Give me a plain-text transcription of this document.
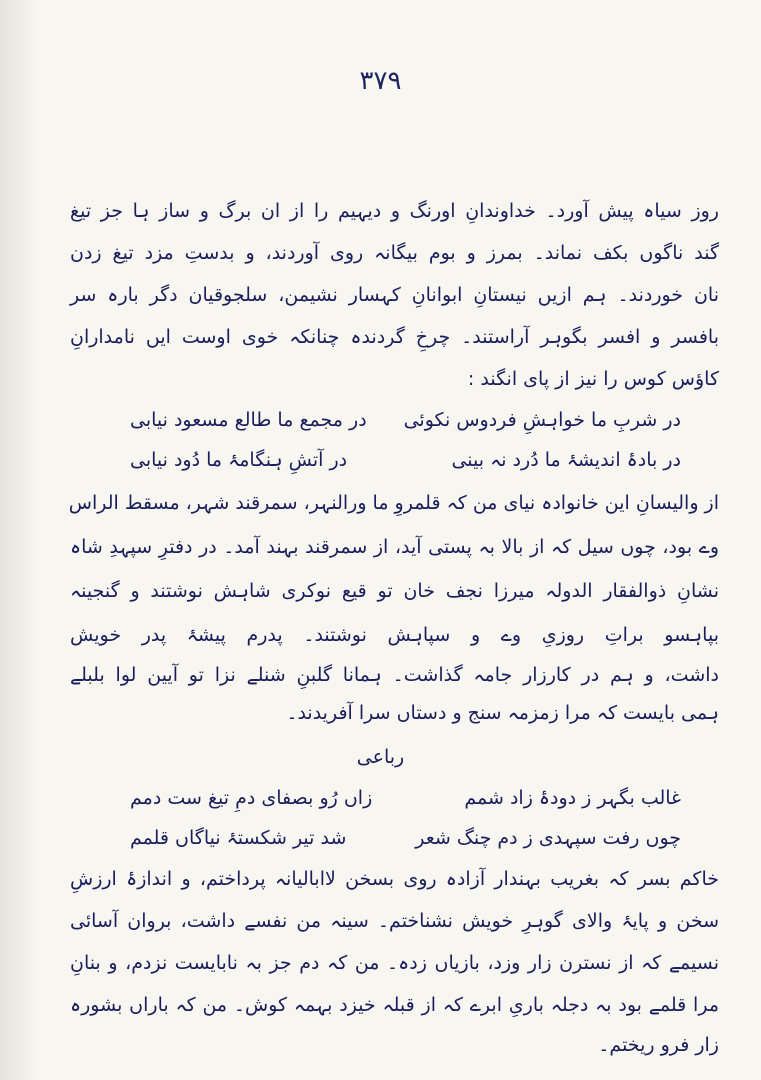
۳۷۹
روز سیاہ پیش آورد۔ خداوندانِ اورنگ و دیہیم را از ان برگ و ساز ہا جز تیغ
گند ناگوں بکف نماند۔ بمرز و بوم بیگانہ روی آوردند، و بدستِ مزد تیغ زدن
نان خوردند۔ ہم ازیں نیستانِ ابوانانِ کہسار نشیمن، سلجوقیان دگر بارہ سر
بافسر و افسر بگوہر آراستند۔ چرخِ گردندہ چنانکہ خوی اوست ایں نامدارانِ
کاؤس کوس را نیز از پای انگند :
در شربِ ما خواہشِ فردوس نکوئی
در مجمع ما طالع مسعود نیابی
در بادۂ اندیشۂ ما دُرد نہ بینی
در آتشِ ہنگامۂ ما دُود نیابی
از والیسانِ این خانوادہ نیای من کہ قلمروِ ما ورالنہر، سمرقند شہر، مسقط الراس
وے بود، چوں سیل کہ از بالا بہ پستی آید، از سمرقند بہند آمد۔ در دفترِ سپہدِ شاہ
نشانِ ذوالفقار الدولہ میرزا نجف خان تو قیع نوکری شاہش نوشتند و گنجینہ
بپاہسو براتِ روزیِ وے و سپاہش نوشتند۔ پدرم پیشۂ پدر خویش
داشت، و ہم در کارزار جامہ گذاشت۔ ہمانا گلبنِ شنلے نزا تو آیین لوا بلبلے
ہمی بایست کہ مرا زمزمہ سنج و دستاں سرا آفریدند۔
رباعی
غالب بگہر ز دودۂ زاد شمم
زاں رُو بصفای دمِ تیغ ست دمم
چوں رفت سپہدی ز دم چنگ شعر
شد تیر شکستۂ نیاگاں قلمم
خاکم بسر کہ بغریب بہندار آزادہ روی بسخن لاابالیانہ پرداختم، و اندازۂ ارزشِ
سخن و پایۂ والای گوہرِ خویش نشناختم۔ سینہ من نفسے داشت، بروان آسائی
نسیمے کہ از نسترن زار وزد، بازیاں زدہ۔ من کہ دم جز بہ نابایست نزدم، و بنانِ
مرا قلمے بود بہ دجلہ باریِ ابرے کہ از قبلہ خیزد بہمہ کوش۔ من کہ باراں بشورہ
زار فرو ریختم۔
